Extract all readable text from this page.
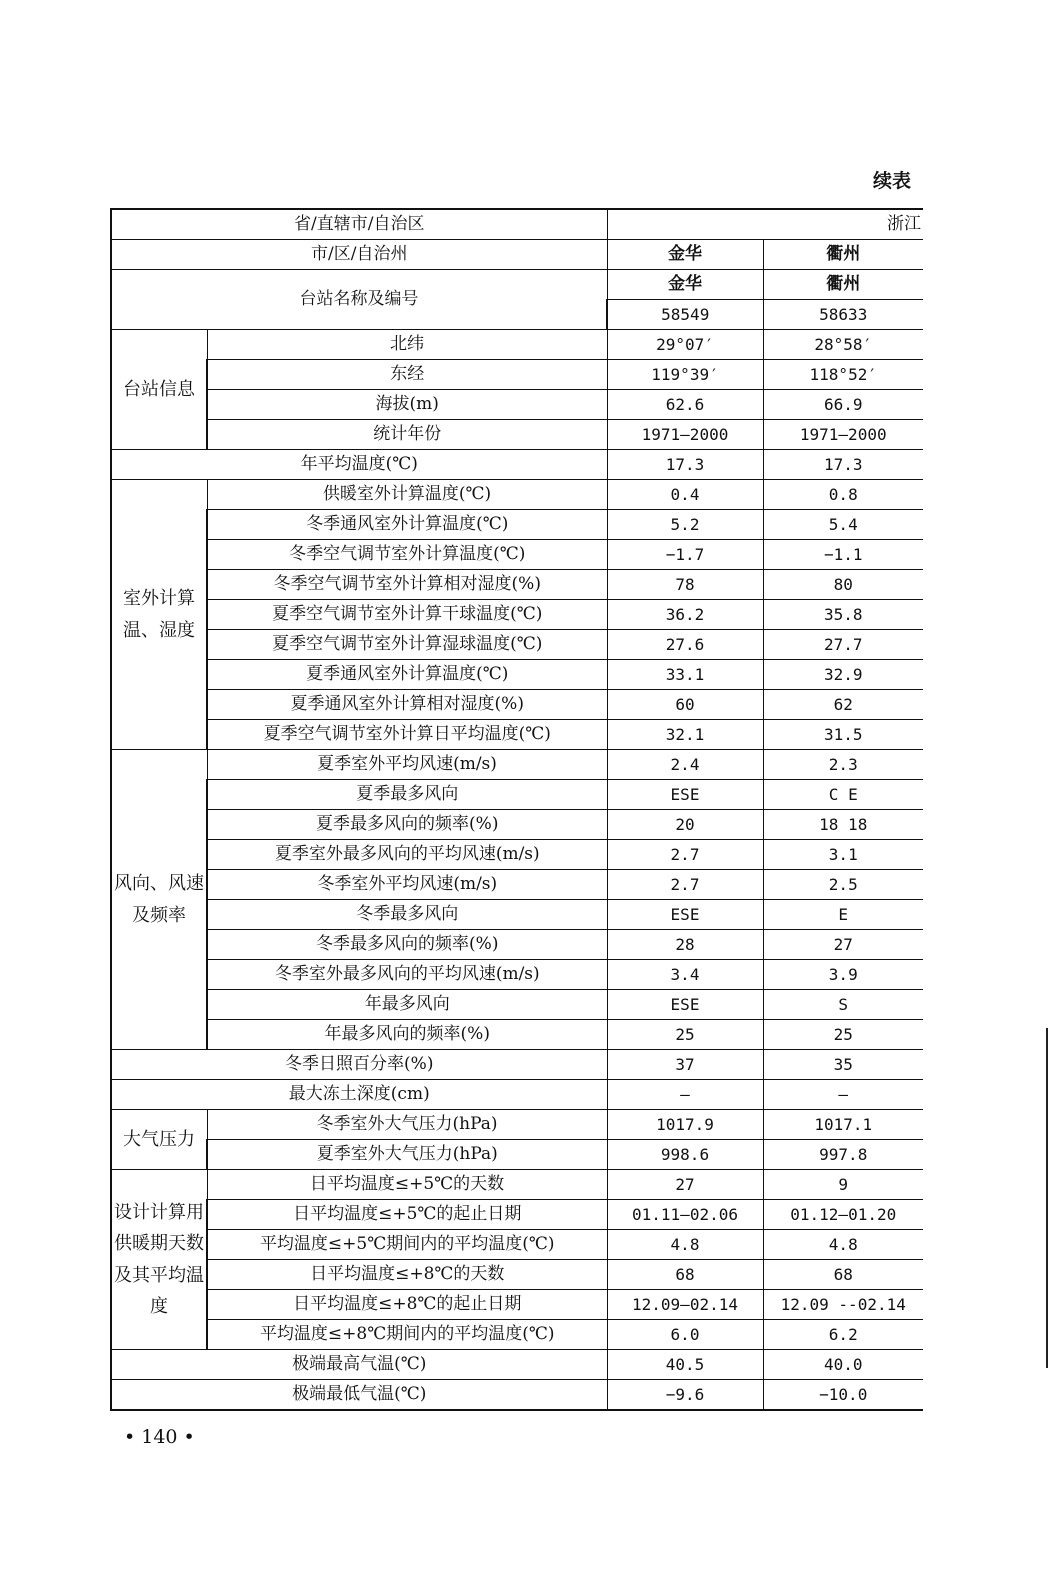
续表
省/直辖市/自治区		浙江	
市/区/自治州		金华	衢州
台站名称及编号		金华	衢州
		58549	58633
台站信息	北纬	29°07′	28°58′
	东经	119°39′	118°52′
	海拔(m)	62.6	66.9
	统计年份	1971—2000	1971—2000
年平均温度(℃)		17.3	17.3
室外计算温、湿度	供暖室外计算温度(℃)	0.4	0.8
	冬季通风室外计算温度(℃)	5.2	5.4
	冬季空气调节室外计算温度(℃)	−1.7	−1.1
	冬季空气调节室外计算相对湿度(%)	78	80
	夏季空气调节室外计算干球温度(℃)	36.2	35.8
	夏季空气调节室外计算湿球温度(℃)	27.6	27.7
	夏季通风室外计算温度(℃)	33.1	32.9
	夏季通风室外计算相对湿度(%)	60	62
	夏季空气调节室外计算日平均温度(℃)	32.1	31.5
风向、风速及频率	夏季室外平均风速(m/s)	2.4	2.3
	夏季最多风向	ESE	C E
	夏季最多风向的频率(%)	20	18 18
	夏季室外最多风向的平均风速(m/s)	2.7	3.1
	冬季室外平均风速(m/s)	2.7	2.5
	冬季最多风向	ESE	E
	冬季最多风向的频率(%)	28	27
	冬季室外最多风向的平均风速(m/s)	3.4	3.9
	年最多风向	ESE	S
	年最多风向的频率(%)	25	25
冬季日照百分率(%)		37	35
最大冻土深度(cm)		—	—
大气压力	冬季室外大气压力(hPa)	1017.9	1017.1
	夏季室外大气压力(hPa)	998.6	997.8
设计计算用供暖期天数及其平均温度	日平均温度≤+5℃的天数	27	9
	日平均温度≤+5℃的起止日期	01.11—02.06	01.12—01.20
	平均温度≤+5℃期间内的平均温度(℃)	4.8	4.8
	日平均温度≤+8℃的天数	68	68
	日平均温度≤+8℃的起止日期	12.09—02.14	12.09 --02.14
	平均温度≤+8℃期间内的平均温度(℃)	6.0	6.2
极端最高气温(℃)		40.5	40.0
极端最低气温(℃)		−9.6	−10.0
• 140 •
